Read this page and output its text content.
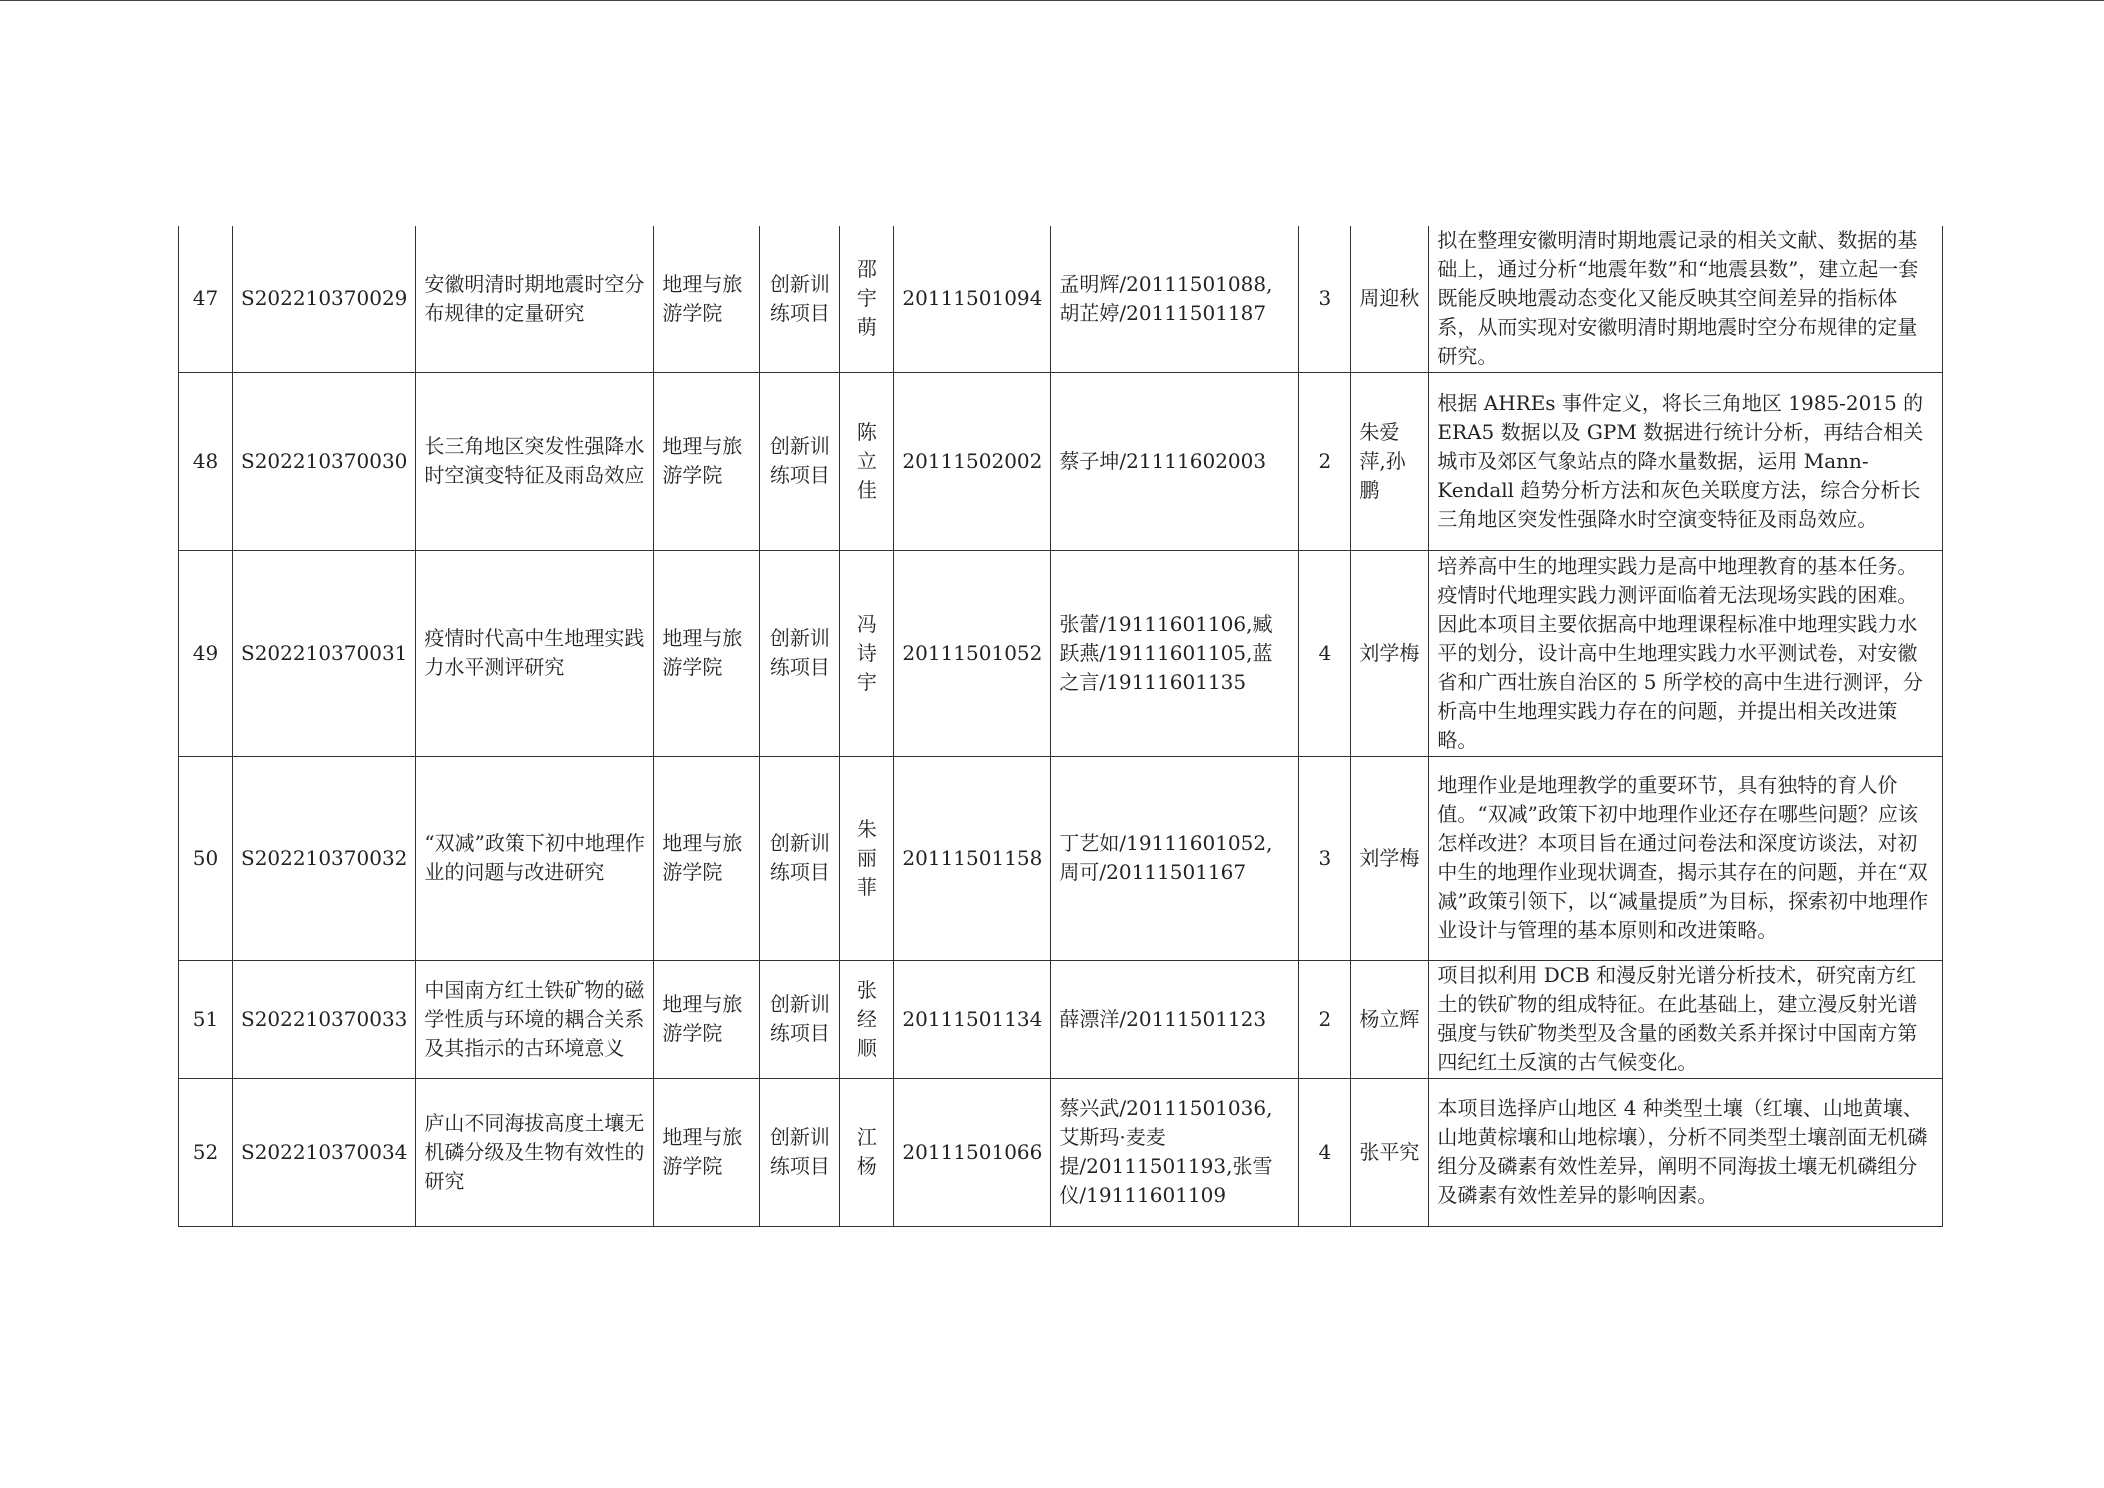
47	S202210370029	安徽明清时期地震时空分布规律的定量研究	地理与旅游学院	创新训练项目	邵宇萌	20111501094	孟明辉/20111501088,胡芷婷/20111501187	3	周迎秋	拟在整理安徽明清时期地震记录的相关文献、数据的基础上，通过分析“地震年数”和“地震县数”，建立起一套既能反映地震动态变化又能反映其空间差异的指标体系，从而实现对安徽明清时期地震时空分布规律的定量研究。
48	S202210370030	长三角地区突发性强降水时空演变特征及雨岛效应	地理与旅游学院	创新训练项目	陈立佳	20111502002	蔡子坤/21111602003	2	朱爱萍,孙鹏	根据 AHREs 事件定义，将长三角地区 1985-2015 的 ERA5 数据以及 GPM 数据进行统计分析，再结合相关城市及郊区气象站点的降水量数据，运用 Mann-Kendall 趋势分析方法和灰色关联度方法，综合分析长三角地区突发性强降水时空演变特征及雨岛效应。
49	S202210370031	疫情时代高中生地理实践力水平测评研究	地理与旅游学院	创新训练项目	冯诗宇	20111501052	张蕾/19111601106,臧跃燕/19111601105,蓝之言/19111601135	4	刘学梅	培养高中生的地理实践力是高中地理教育的基本任务。疫情时代地理实践力测评面临着无法现场实践的困难。因此本项目主要依据高中地理课程标准中地理实践力水平的划分，设计高中生地理实践力水平测试卷，对安徽省和广西壮族自治区的 5 所学校的高中生进行测评，分析高中生地理实践力存在的问题，并提出相关改进策略。
50	S202210370032	“双减”政策下初中地理作业的问题与改进研究	地理与旅游学院	创新训练项目	朱丽菲	20111501158	丁艺如/19111601052,周可/20111501167	3	刘学梅	地理作业是地理教学的重要环节，具有独特的育人价值。“双减”政策下初中地理作业还存在哪些问题？应该怎样改进？本项目旨在通过问卷法和深度访谈法，对初中生的地理作业现状调查，揭示其存在的问题，并在“双减”政策引领下，以“减量提质”为目标，探索初中地理作业设计与管理的基本原则和改进策略。
51	S202210370033	中国南方红土铁矿物的磁学性质与环境的耦合关系及其指示的古环境意义	地理与旅游学院	创新训练项目	张经顺	20111501134	薛漂洋/20111501123	2	杨立辉	项目拟利用 DCB 和漫反射光谱分析技术，研究南方红土的铁矿物的组成特征。在此基础上，建立漫反射光谱强度与铁矿物类型及含量的函数关系并探讨中国南方第四纪红土反演的古气候变化。
52	S202210370034	庐山不同海拔高度土壤无机磷分级及生物有效性的研究	地理与旅游学院	创新训练项目	江杨	20111501066	蔡兴武/20111501036,艾斯玛·麦麦提/20111501193,张雪仪/19111601109	4	张平究	本项目选择庐山地区 4 种类型土壤（红壤、山地黄壤、山地黄棕壤和山地棕壤），分析不同类型土壤剖面无机磷组分及磷素有效性差异，阐明不同海拔土壤无机磷组分及磷素有效性差异的影响因素。
